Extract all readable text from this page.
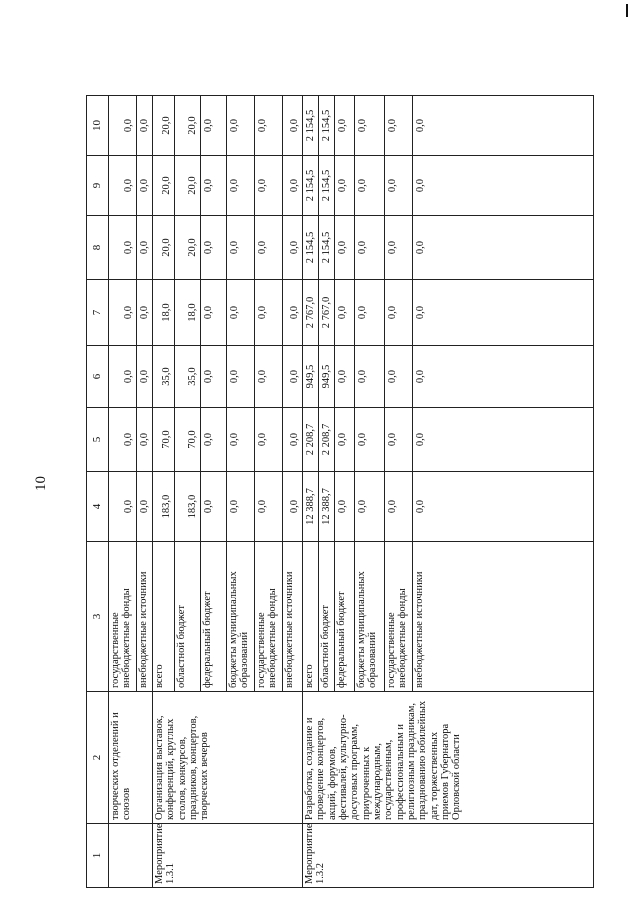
10
1	2	3	4	5	6	7	8	9	10
	творческих отделений и союзов	государственные внебюджетные фонды	0,0	0,0	0,0	0,0	0,0	0,0	0,0
		внебюджетные источники	0,0	0,0	0,0	0,0	0,0	0,0	0,0
Мероприятие 1.3.1	Организация выставок, конференций, круглых столов, конкурсов, праздников, концертов, творческих вечеров	всего	183,0	70,0	35,0	18,0	20,0	20,0	20,0
		областной бюджет	183,0	70,0	35,0	18,0	20,0	20,0	20,0
		федеральный бюджет	0,0	0,0	0,0	0,0	0,0	0,0	0,0
		бюджеты муниципальных образований	0,0	0,0	0,0	0,0	0,0	0,0	0,0
		государственные внебюджетные фонды	0,0	0,0	0,0	0,0	0,0	0,0	0,0
		внебюджетные источники	0,0	0,0	0,0	0,0	0,0	0,0	0,0
Мероприятие 1.3.2	Разработка, создание и проведение концертов, акций, форумов, фестивалей, культурно-досуговых программ, приуроченных к международным, государственным, профессиональным и религиозным праздникам, празднованию юбилейных дат, торжественных приемов Губернатора Орловской области	всего	12 388,7	2 208,7	949,5	2 767,0	2 154,5	2 154,5	2 154,5
		областной бюджет	12 388,7	2 208,7	949,5	2 767,0	2 154,5	2 154,5	2 154,5
		федеральный бюджет	0,0	0,0	0,0	0,0	0,0	0,0	0,0
		бюджеты муниципальных образований	0,0	0,0	0,0	0,0	0,0	0,0	0,0
		государственные внебюджетные фонды	0,0	0,0	0,0	0,0	0,0	0,0	0,0
		внебюджетные источники	0,0	0,0	0,0	0,0	0,0	0,0	0,0
